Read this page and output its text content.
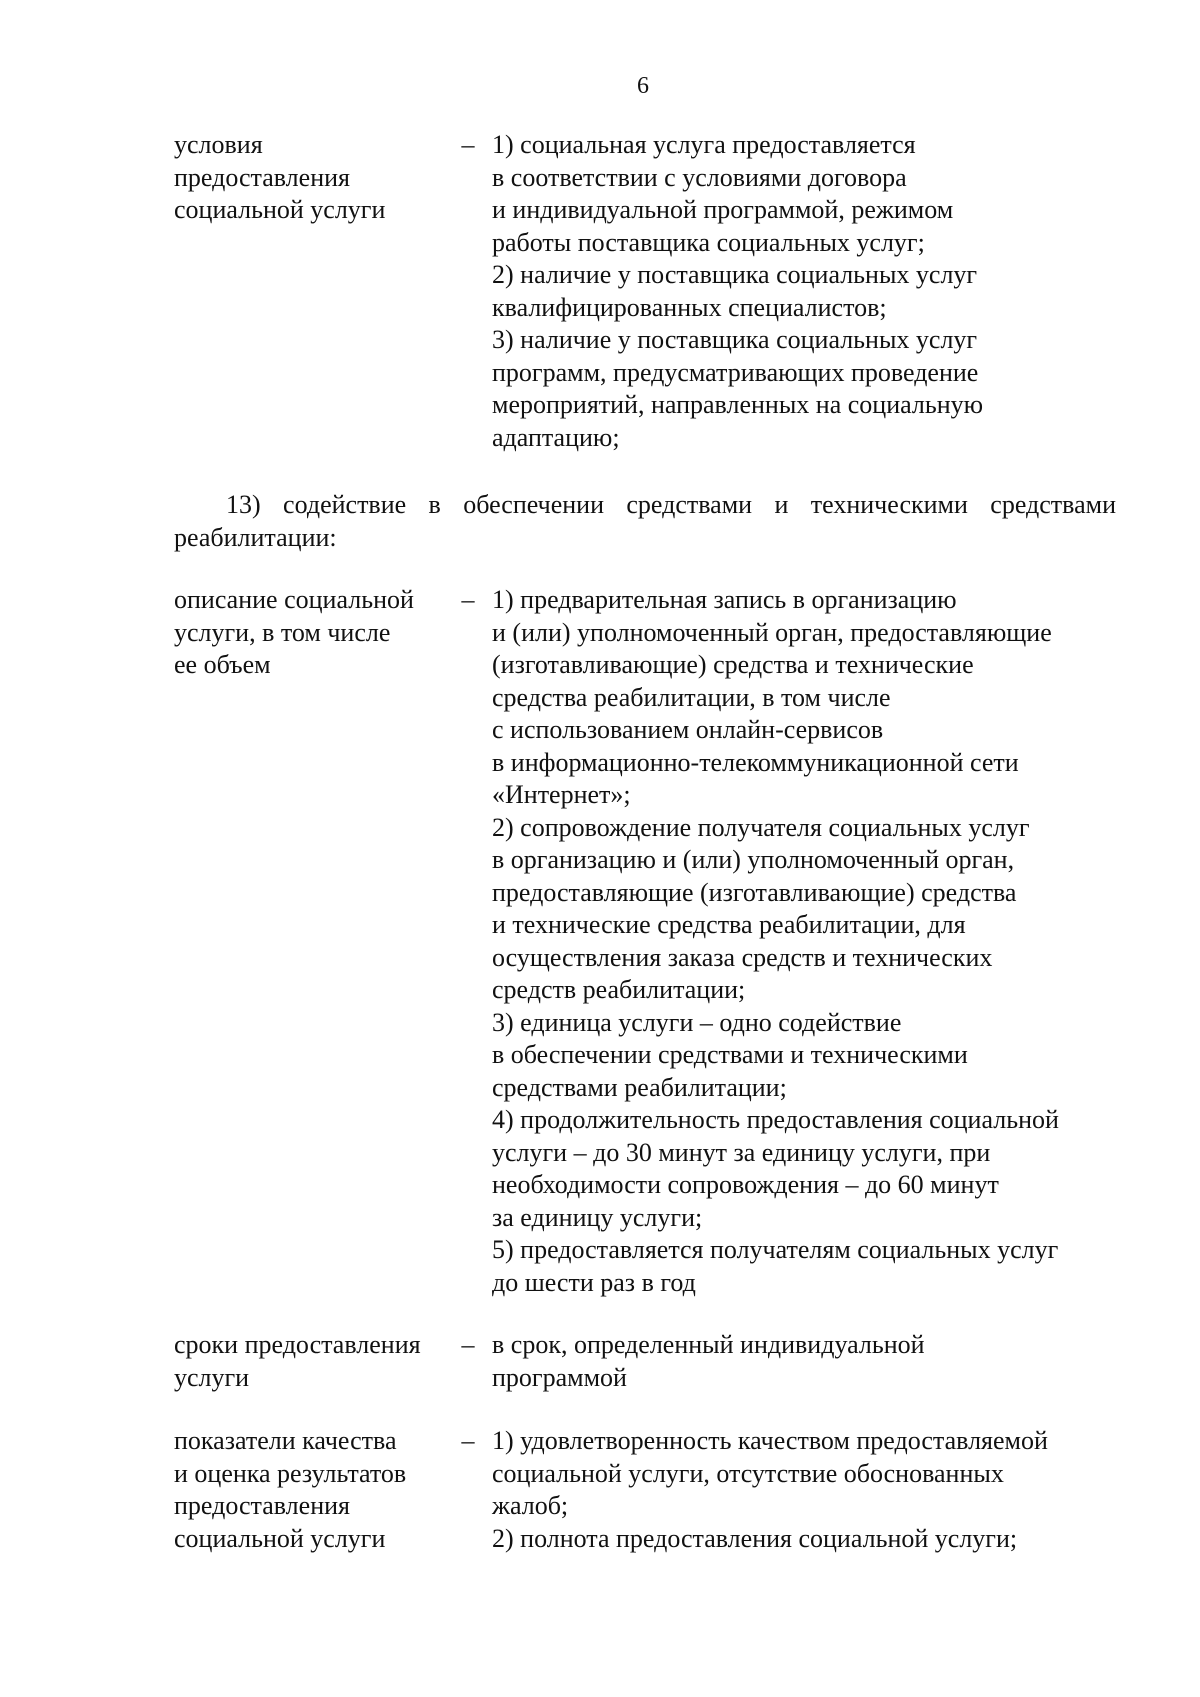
6
условия
предоставления
социальной услуги
– 1) социальная услуга предоставляется
в соответствии с условиями договора
и индивидуальной программой, режимом
работы поставщика социальных услуг;
2) наличие у поставщика социальных услуг
квалифицированных специалистов;
3) наличие у поставщика социальных услуг
программ, предусматривающих проведение
мероприятий, направленных на социальную
адаптацию;
13) содействие в обеспечении средствами и техническими средствами
реабилитации:
описание социальной
услуги, в том числе
ее объем
– 1) предварительная запись в организацию
и (или) уполномоченный орган, предоставляющие
(изготавливающие) средства и технические
средства реабилитации, в том числе
с использованием онлайн-сервисов
в информационно-телекоммуникационной сети
«Интернет»;
2) сопровождение получателя социальных услуг
в организацию и (или) уполномоченный орган,
предоставляющие (изготавливающие) средства
и технические средства реабилитации, для
осуществления заказа средств и технических
средств реабилитации;
3) единица услуги – одно содействие
в обеспечении средствами и техническими
средствами реабилитации;
4) продолжительность предоставления социальной
услуги – до 30 минут за единицу услуги, при
необходимости сопровождения – до 60 минут
за единицу услуги;
5) предоставляется получателям социальных услуг
до шести раз в год
сроки предоставления
услуги
– в срок, определенный индивидуальной
программой
показатели качества
и оценка результатов
предоставления
социальной услуги
– 1) удовлетворенность качеством предоставляемой
социальной услуги, отсутствие обоснованных
жалоб;
2) полнота предоставления социальной услуги;
